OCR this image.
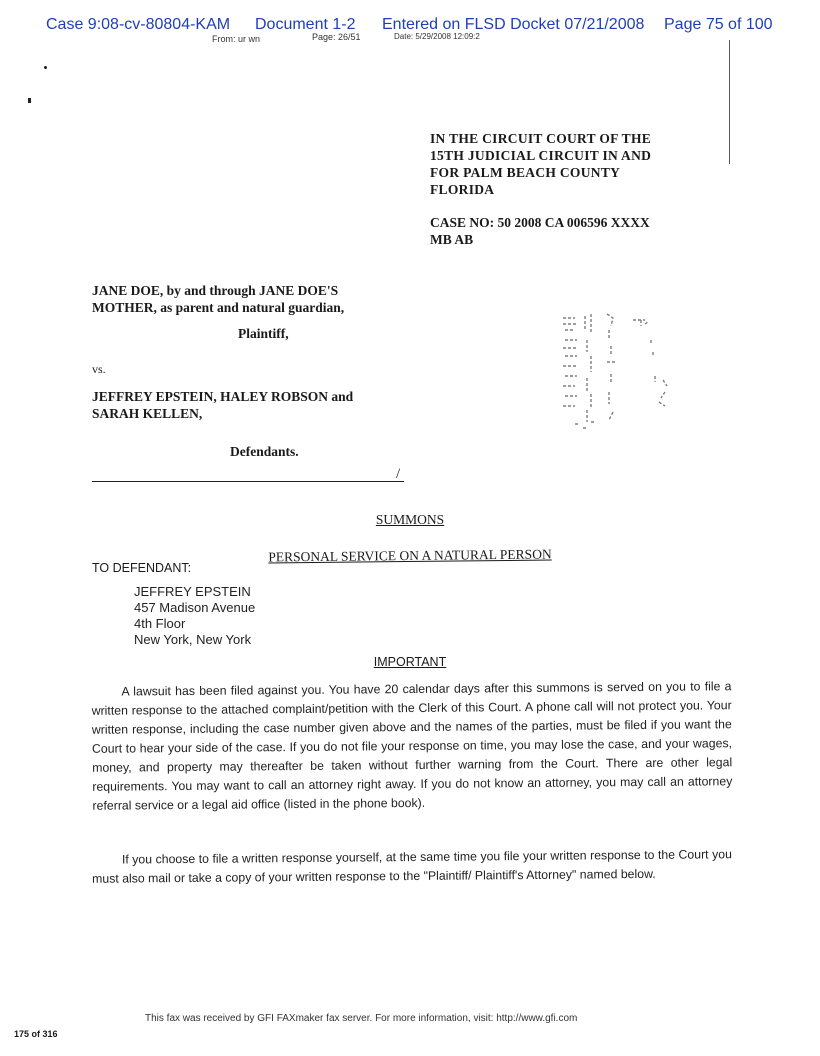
Case 9:08-cv-80804-KAM Document 1-2 Entered on FLSD Docket 07/21/2008 Page 75 of 100
From: ur wn	Page: 26/51	Date: 5/29/2008 12:09:2
IN THE CIRCUIT COURT OF THE
15TH JUDICIAL CIRCUIT IN AND
FOR PALM BEACH COUNTY
FLORIDA
CASE NO: 50 2008 CA 006596 XXXX
MB AB
JANE DOE, by and through JANE DOE'S
MOTHER, as parent and natural guardian,
Plaintiff,
vs.
JEFFREY EPSTEIN, HALEY ROBSON and
SARAH KELLEN,
Defendants.
/
SUMMONS
PERSONAL SERVICE ON A NATURAL PERSON
TO DEFENDANT:
JEFFREY EPSTEIN
457 Madison Avenue
4th Floor
New York, New York
IMPORTANT

A lawsuit has been filed against you. You have 20 calendar days after this summons is served on you to file a written response to the attached complaint/petition with the Clerk of this Court. A phone call will not protect you. Your written response, including the case number given above and the names of the parties, must be filed if you want the Court to hear your side of the case. If you do not file your response on time, you may lose the case, and your wages, money, and property may thereafter be taken without further warning from the Court. There are other legal requirements. You may want to call an attorney right away. If you do not know an attorney, you may call an attorney referral service or a legal aid office (listed in the phone book).

If you choose to file a written response yourself, at the same time you file your written response to the Court you must also mail or take a copy of your written response to the "Plaintiff/ Plaintiff's Attorney" named below.

This fax was received by GFI FAXmaker fax server. For more information, visit: http://www.gfi.com
175 of 316
